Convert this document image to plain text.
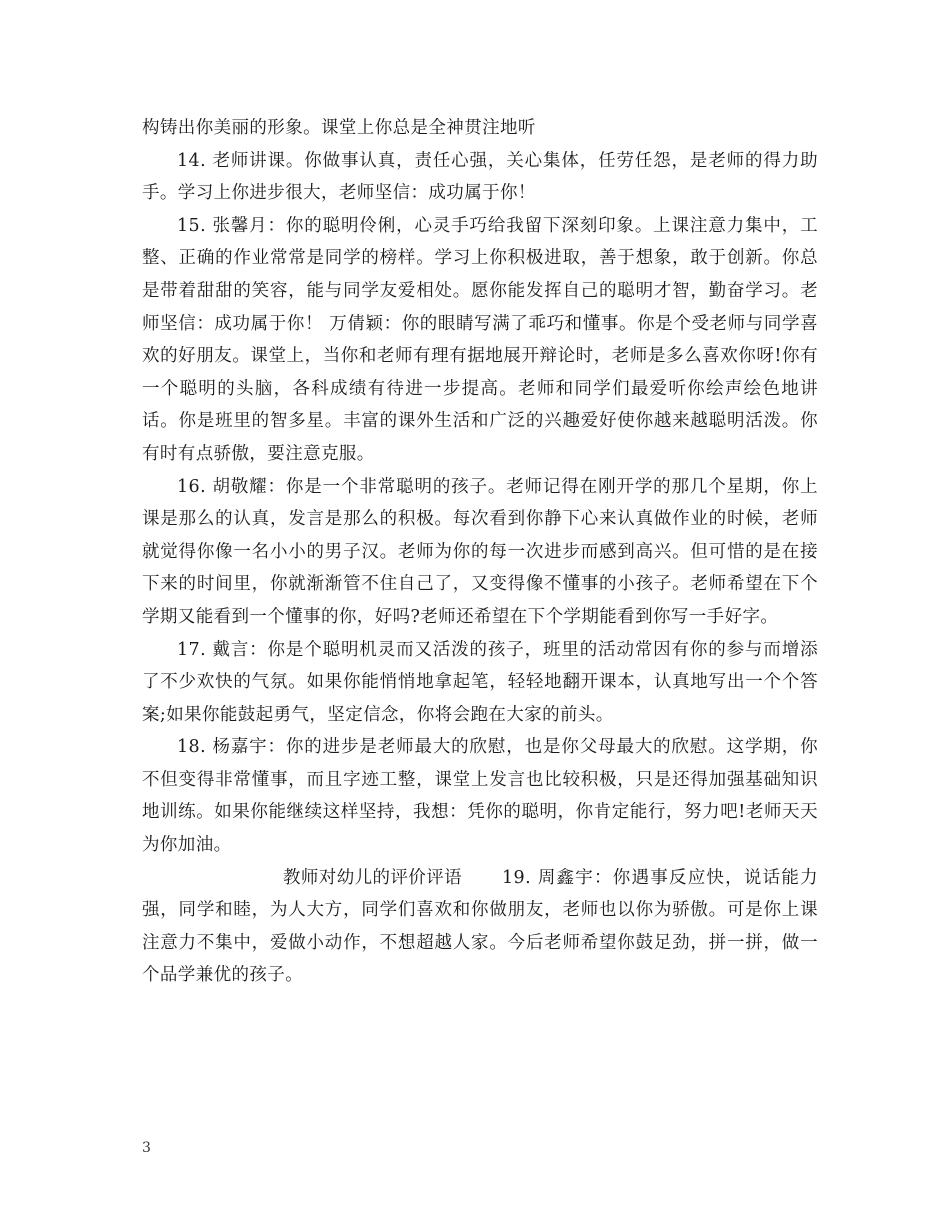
构铸出你美丽的形象。课堂上你总是全神贯注地听

14. 老师讲课。你做事认真，责任心强，关心集体，任劳任怨，是老师的得力助手。学习上你进步很大，老师坚信：成功属于你！

15. 张馨月：你的聪明伶俐，心灵手巧给我留下深刻印象。上课注意力集中，工整、正确的作业常常是同学的榜样。学习上你积极进取，善于想象，敢于创新。你总是带着甜甜的笑容，能与同学友爱相处。愿你能发挥自己的聪明才智，勤奋学习。老师坚信：成功属于你！ 万倩颖：你的眼睛写满了乖巧和懂事。你是个受老师与同学喜欢的好朋友。课堂上，当你和老师有理有据地展开辩论时，老师是多么喜欢你呀!你有一个聪明的头脑，各科成绩有待进一步提高。老师和同学们最爱听你绘声绘色地讲话。你是班里的智多星。丰富的课外生活和广泛的兴趣爱好使你越来越聪明活泼。你有时有点骄傲，要注意克服。

16. 胡敬耀：你是一个非常聪明的孩子。老师记得在刚开学的那几个星期，你上课是那么的认真，发言是那么的积极。每次看到你静下心来认真做作业的时候，老师就觉得你像一名小小的男子汉。老师为你的每一次进步而感到高兴。但可惜的是在接下来的时间里，你就渐渐管不住自己了，又变得像不懂事的小孩子。老师希望在下个学期又能看到一个懂事的你，好吗?老师还希望在下个学期能看到你写一手好字。

17. 戴言：你是个聪明机灵而又活泼的孩子，班里的活动常因有你的参与而增添了不少欢快的气氛。如果你能悄悄地拿起笔，轻轻地翻开课本，认真地写出一个个答案;如果你能鼓起勇气，坚定信念，你将会跑在大家的前头。

18. 杨嘉宇：你的进步是老师最大的欣慰，也是你父母最大的欣慰。这学期，你不但变得非常懂事，而且字迹工整，课堂上发言也比较积极，只是还得加强基础知识地训练。如果你能继续这样坚持，我想：凭你的聪明，你肯定能行，努力吧!老师天天为你加油。

教师对幼儿的评价评语 19. 周鑫宇：你遇事反应快，说话能力强，同学和睦，为人大方，同学们喜欢和你做朋友，老师也以你为骄傲。可是你上课注意力不集中，爱做小动作，不想超越人家。今后老师希望你鼓足劲，拼一拼，做一个品学兼优的孩子。

3
